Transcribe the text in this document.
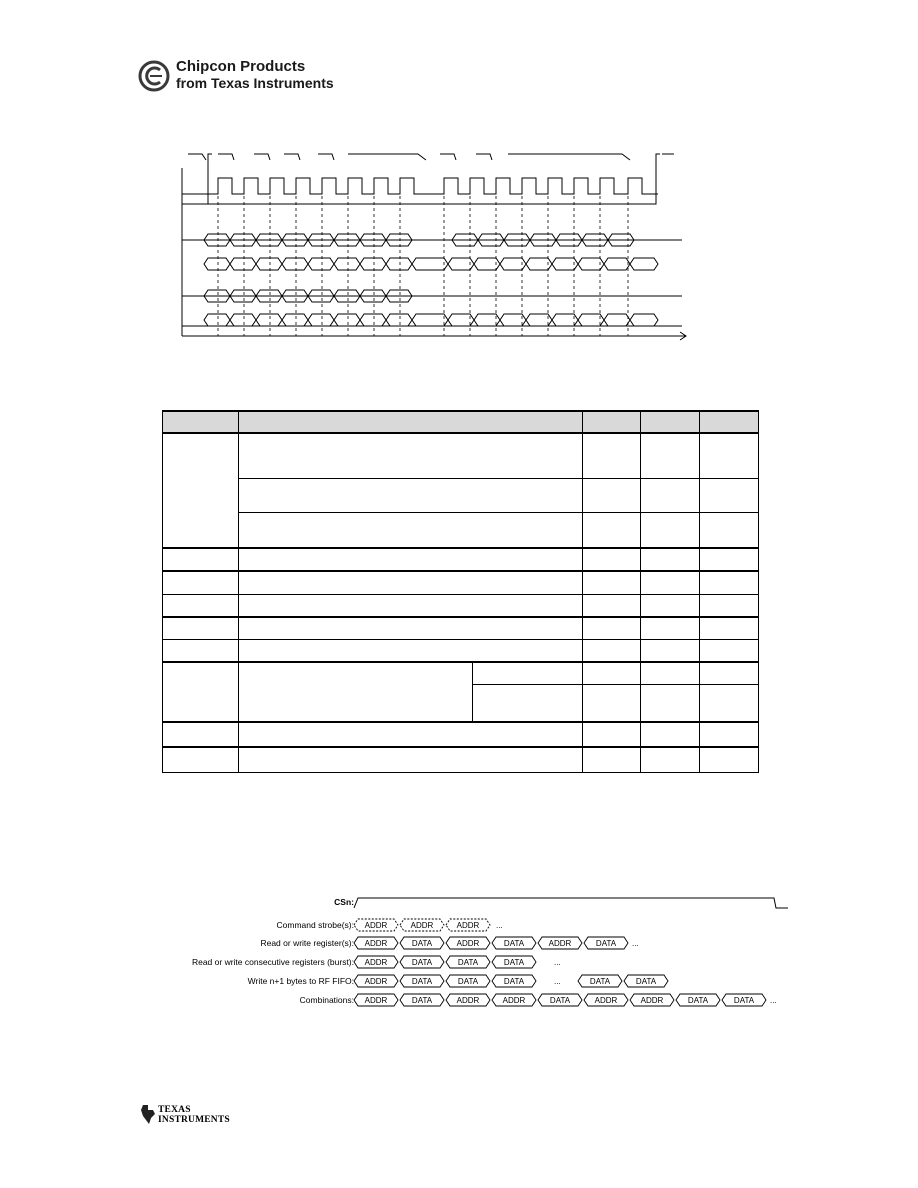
Chipcon Products
from Texas Instruments

CSn:
Command strobe(s):
Read or write register(s):
Read or write consecutive registers (burst):
Write n+1 bytes to RF FIFO:
Combinations:
ADDR	ADDR	ADDR ...
ADDR	DATA	ADDR	DATA	ADDR	DATA ...
ADDR	DATA	DATA	DATA	...
ADDR	DATA	DATA	DATA	...	DATA	DATA
ADDR	DATA	ADDR	ADDR	DATA	ADDR	ADDR	DATA	DATA ...
TEXAS
INSTRUMENTS
